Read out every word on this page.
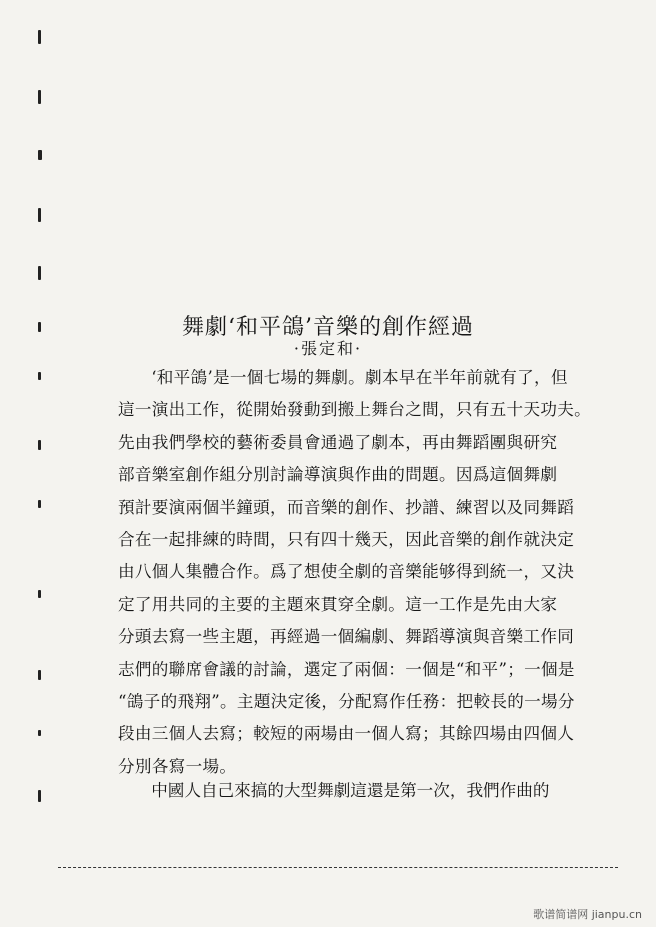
舞劇‘和平鴿’音樂的創作經過
·張定和·
‘和平鴿’是一個七場的舞劇。劇本早在半年前就有了，但
這一演出工作，從開始發動到搬上舞台之間，只有五十天功夫。
先由我們學校的藝術委員會通過了劇本，再由舞蹈團與研究
部音樂室創作組分別討論導演與作曲的問題。因爲這個舞劇
預計要演兩個半鐘頭，而音樂的創作、抄譜、練習以及同舞蹈
合在一起排練的時間，只有四十幾天，因此音樂的創作就決定
由八個人集體合作。爲了想使全劇的音樂能够得到統一，又決
定了用共同的主要的主題來貫穿全劇。這一工作是先由大家
分頭去寫一些主題，再經過一個編劇、舞蹈導演與音樂工作同
志們的聯席會議的討論，選定了兩個：一個是“和平”；一個是
“鴿子的飛翔”。主題決定後，分配寫作任務：把較長的一場分
段由三個人去寫；較短的兩場由一個人寫；其餘四場由四個人
分別各寫一場。
中國人自己來搞的大型舞劇這還是第一次，我們作曲的
歌谱简谱网 jianpu.cn
